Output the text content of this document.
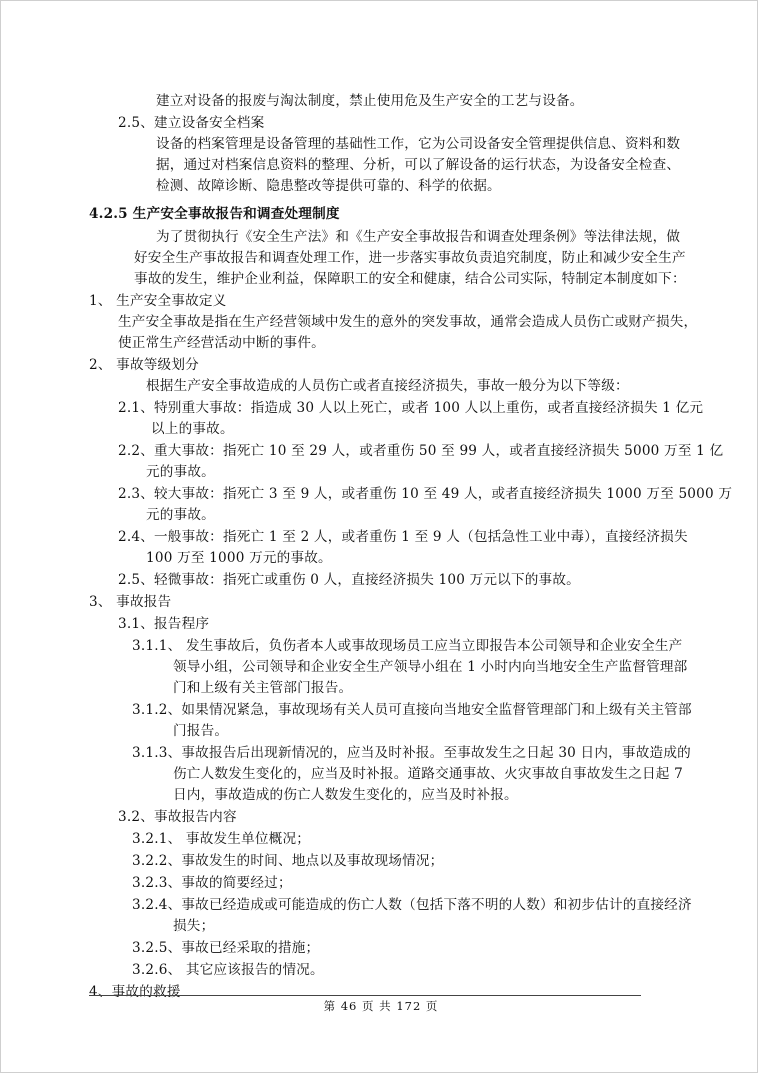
建立对设备的报废与淘汰制度，禁止使用危及生产安全的工艺与设备。
2.5、建立设备安全档案
设备的档案管理是设备管理的基础性工作，它为公司设备安全管理提供信息、资料和数
据，通过对档案信息资料的整理、分析，可以了解设备的运行状态，为设备安全检查、
检测、故障诊断、隐患整改等提供可靠的、科学的依据。
4.2.5 生产安全事故报告和调查处理制度
为了贯彻执行《安全生产法》和《生产安全事故报告和调查处理条例》等法律法规，做
好安全生产事故报告和调查处理工作，进一步落实事故负责追究制度，防止和减少安全生产
事故的发生，维护企业利益，保障职工的安全和健康，结合公司实际，特制定本制度如下：
1、 生产安全事故定义
生产安全事故是指在生产经营领域中发生的意外的突发事故，通常会造成人员伤亡或财产损失，
使正常生产经营活动中断的事件。
2、 事故等级划分
根据生产安全事故造成的人员伤亡或者直接经济损失，事故一般分为以下等级：
2.1、特别重大事故：指造成 30 人以上死亡，或者 100 人以上重伤，或者直接经济损失 1 亿元
以上的事故。
2.2、重大事故：指死亡 10 至 29 人，或者重伤 50 至 99 人，或者直接经济损失 5000 万至 1 亿
元的事故。
2.3、较大事故：指死亡 3 至 9 人，或者重伤 10 至 49 人，或者直接经济损失 1000 万至 5000 万
元的事故。
2.4、一般事故：指死亡 1 至 2 人，或者重伤 1 至 9 人（包括急性工业中毒），直接经济损失
100 万至 1000 万元的事故。
2.5、轻微事故：指死亡或重伤 0 人，直接经济损失 100 万元以下的事故。
3、 事故报告
3.1、报告程序
3.1.1、 发生事故后，负伤者本人或事故现场员工应当立即报告本公司领导和企业安全生产
领导小组，公司领导和企业安全生产领导小组在 1 小时内向当地安全生产监督管理部
门和上级有关主管部门报告。
3.1.2、如果情况紧急，事故现场有关人员可直接向当地安全监督管理部门和上级有关主管部
门报告。
3.1.3、事故报告后出现新情况的，应当及时补报。至事故发生之日起 30 日内，事故造成的
伤亡人数发生变化的，应当及时补报。道路交通事故、火灾事故自事故发生之日起 7
日内，事故造成的伤亡人数发生变化的，应当及时补报。
3.2、事故报告内容
3.2.1、 事故发生单位概况；
3.2.2、事故发生的时间、地点以及事故现场情况；
3.2.3、事故的简要经过；
3.2.4、事故已经造成或可能造成的伤亡人数（包括下落不明的人数）和初步估计的直接经济
损失；
3.2.5、事故已经采取的措施；
3.2.6、 其它应该报告的情况。
4、事故的救援
第 46 页 共 172 页
